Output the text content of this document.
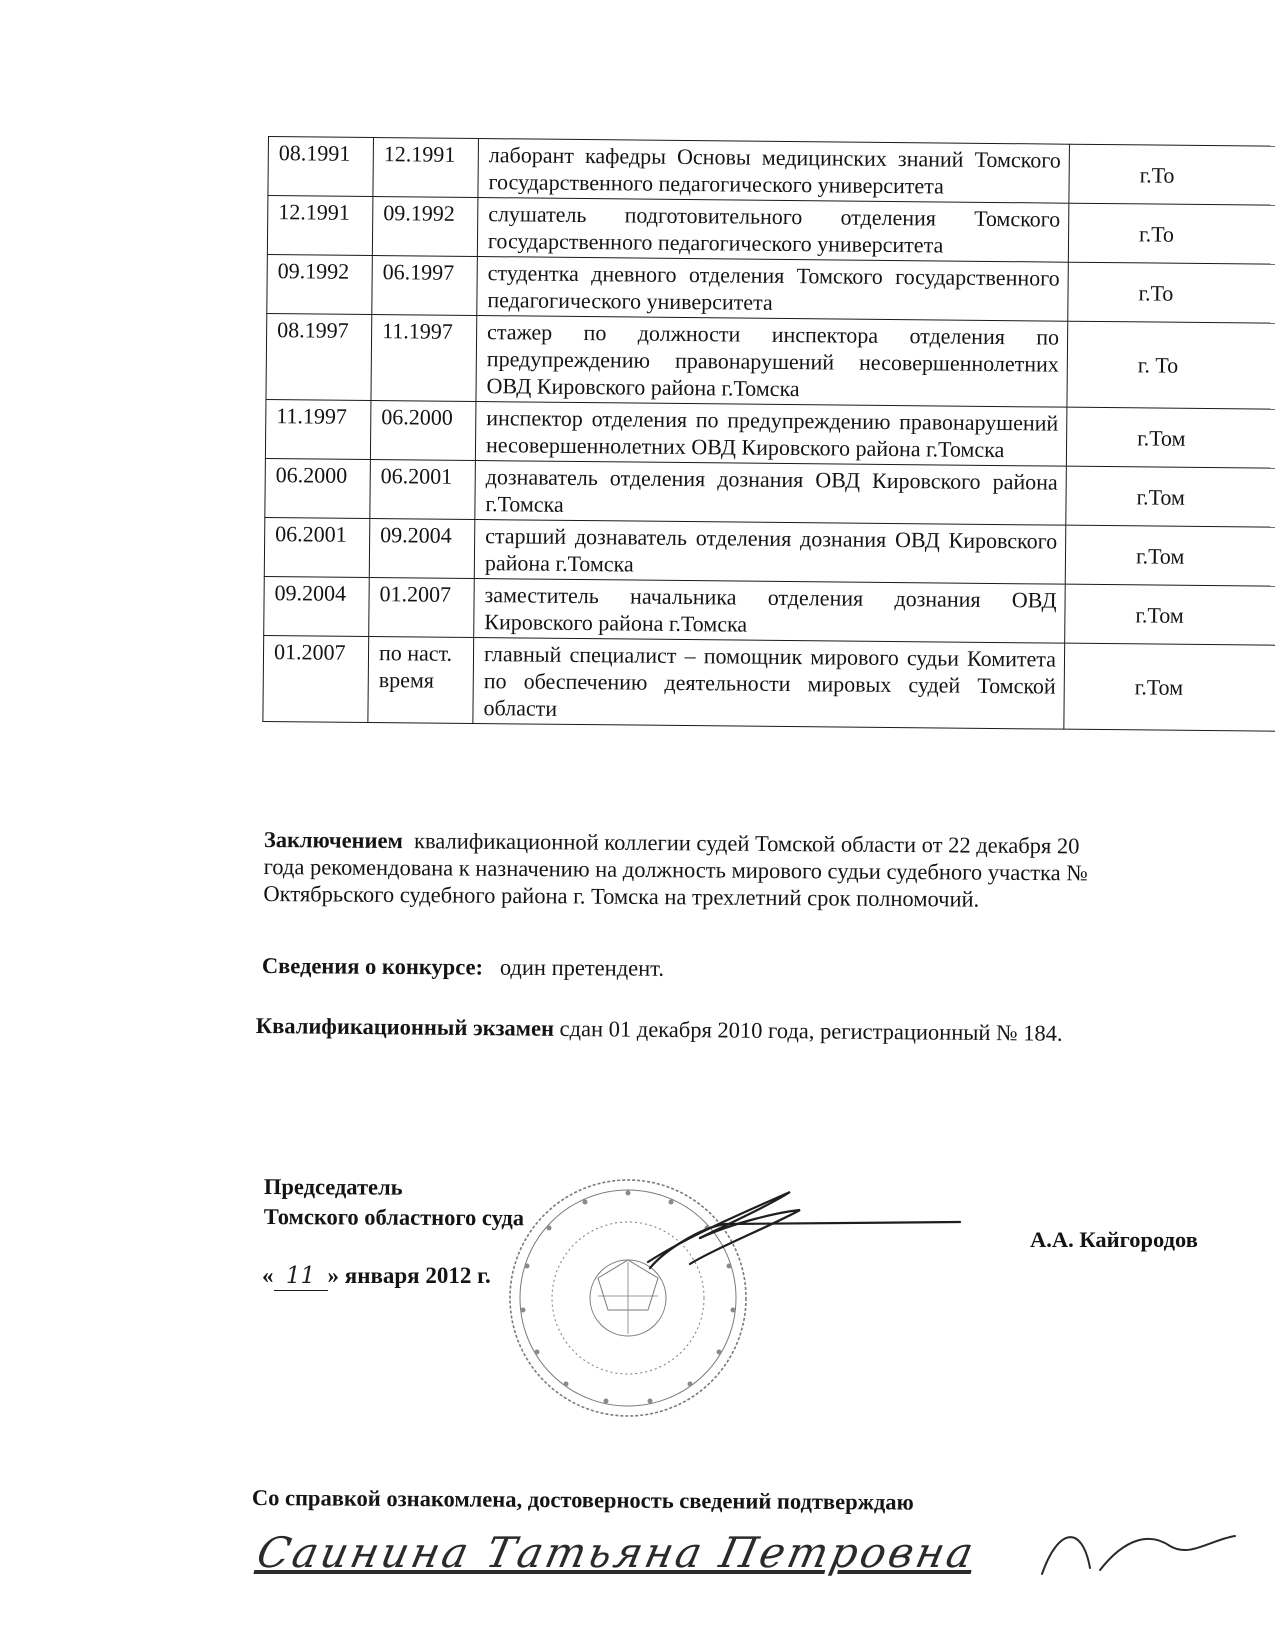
08.1991	12.1991	лаборант кафедры Основы медицинских знаний Томского государственного педагогического университета	г.То
12.1991	09.1992	слушатель подготовительного отделения Томского государственного педагогического университета	г.То
09.1992	06.1997	студентка дневного отделения Томского государственного педагогического университета	г.То
08.1997	11.1997	стажер по должности инспектора отделения по предупреждению правонарушений несовершеннолетних ОВД Кировского района г.Томска	г. То
11.1997	06.2000	инспектор отделения по предупреждению правонарушений несовершеннолетних ОВД Кировского района г.Томска	г.Том
06.2000	06.2001	дознаватель отделения дознания ОВД Кировского района г.Томска	г.Том
06.2001	09.2004	старший дознаватель отделения дознания ОВД Кировского района г.Томска	г.Том
09.2004	01.2007	заместитель начальника отделения дознания ОВД Кировского района г.Томска	г.Том
01.2007	по наст. время	главный специалист – помощник мирового судьи Комитета по обеспечению деятельности мировых судей Томской области	г.Том
Заключением квалификационной коллегии судей Томской области от 22 декабря 20
года рекомендована к назначению на должность мирового судьи судебного участка №
Октябрьского судебного района г. Томска на трехлетний срок полномочий.
Сведения о конкурсе: один претендент.
Квалификационный экзамен сдан 01 декабря 2010 года, регистрационный № 184.
Председатель
Томского областного суда
« 11 » января 2012 г.
А.А. Кайгородов
Со справкой ознакомлена, достоверность сведений подтверждаю
Саинина Татьяна Петровна
